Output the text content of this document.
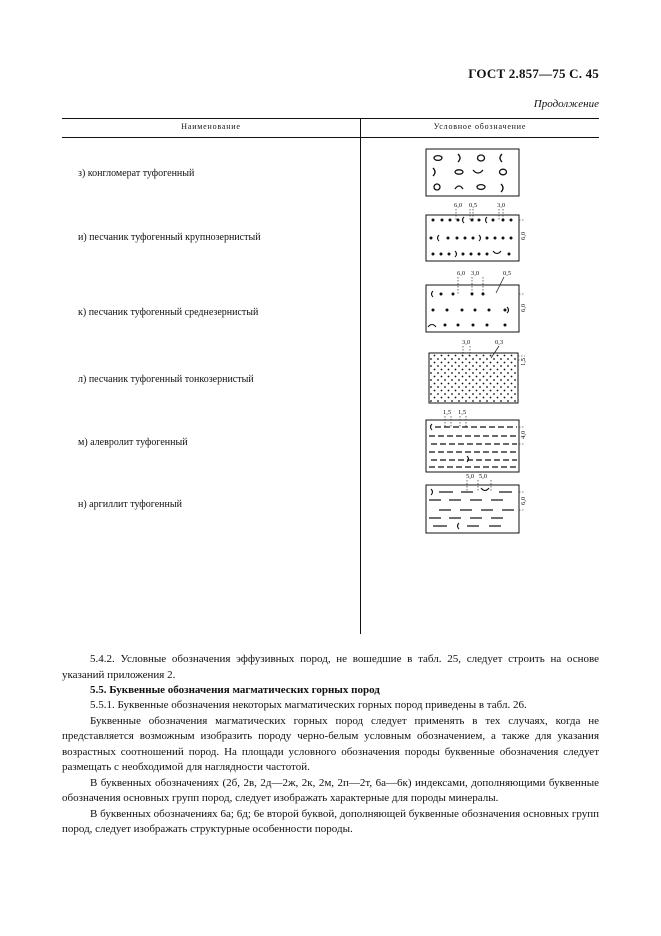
ГОСТ 2.857—75 С. 45
Продолжение
Наименование	Условное обозначение
з) конгломерат туфогенный
и) песчаник туфогенный крупнозернистый
6,0 0,5	3,0
6,0
к) песчаник туфогенный среднезернистый
6,0 3,0	0,5
6,0
л) песчаник туфогенный тонкозернистый
3,0	0,3
1,5
м) алевролит туфогенный
1,5 1,5
4,0
н) аргиллит туфогенный
5,0 5,0
6,0

5.4.2. Условные обозначения эффузивных пород, не вошедшие в табл. 25, следует строить на основе указаний приложения 2.

5.5. Буквенные обозначения магматических горных пород

5.5.1. Буквенные обозначения некоторых магматических горных пород приведены в табл. 26.

Буквенные обозначения магматических горных пород следует применять в тех случаях, когда не представляется возможным изобразить породу черно-белым условным обозначением, а также для указания возрастных соотношений пород. На площади условного обозначения породы буквенные обозначения следует размещать с необходимой для наглядности частотой.

В буквенных обозначениях (2б, 2в, 2д—2ж, 2к, 2м, 2п—2т, 6а—6к) индексами, дополняющими буквенные обозначения основных групп пород, следует изображать характерные для породы минералы.

В буквенных обозначениях 6а; 6д; 6е второй буквой, дополняющей буквенные обозначения основных групп пород, следует изображать структурные особенности породы.
